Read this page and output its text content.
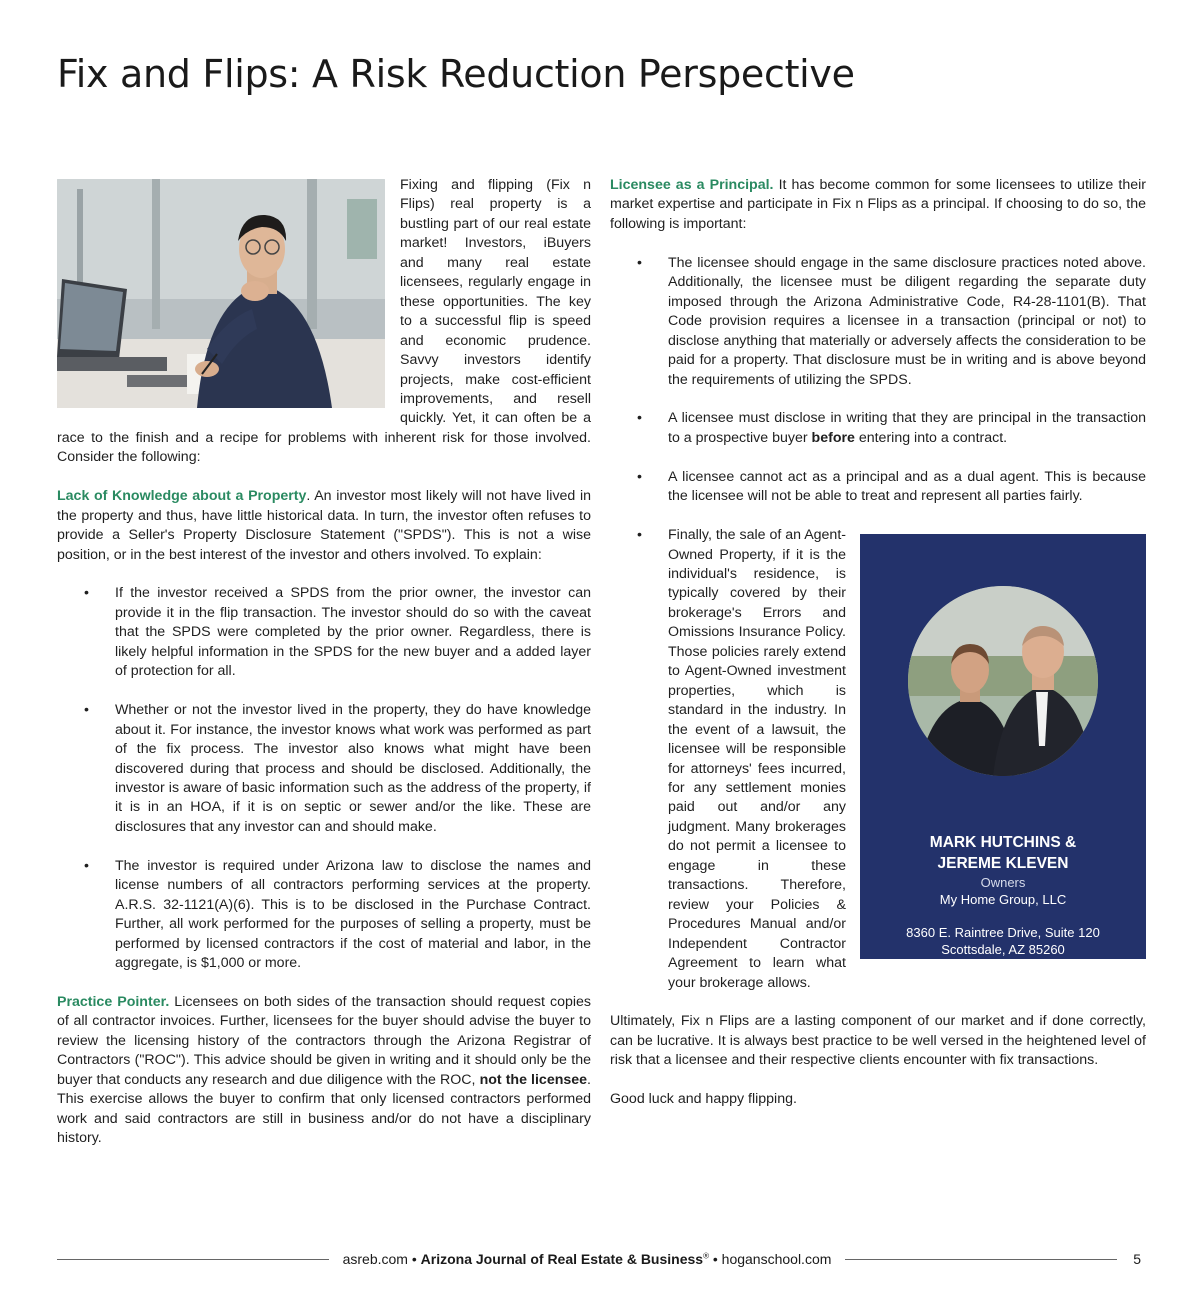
Fix and Flips: A Risk Reduction Perspective

Fixing and flipping (Fix n Flips) real property is a bustling part of our real estate market! Investors, iBuyers and many real estate licensees, regularly engage in these opportunities. The key to a successful flip is speed and economic prudence. Savvy investors identify projects, make cost-efficient improvements, and resell quickly. Yet, it can often be a race to the finish and a recipe for problems with inherent risk for those involved. Consider the following:

Lack of Knowledge about a Property. An investor most likely will not have lived in the property and thus, have little historical data. In turn, the investor often refuses to provide a Seller's Property Disclosure Statement ("SPDS"). This is not a wise position, or in the best interest of the investor and others involved. To explain:

• If the investor received a SPDS from the prior owner, the investor can provide it in the flip transaction. The investor should do so with the caveat that the SPDS were completed by the prior owner. Regardless, there is likely helpful information in the SPDS for the new buyer and a added layer of protection for all.
• Whether or not the investor lived in the property, they do have knowledge about it. For instance, the investor knows what work was performed as part of the fix process. The investor also knows what might have been discovered during that process and should be disclosed. Additionally, the investor is aware of basic information such as the address of the property, if it is in an HOA, if it is on septic or sewer and/or the like. These are disclosures that any investor can and should make.
• The investor is required under Arizona law to disclose the names and license numbers of all contractors performing services at the property. A.R.S. 32-1121(A)(6). This is to be disclosed in the Purchase Contract. Further, all work performed for the purposes of selling a property, must be performed by licensed contractors if the cost of material and labor, in the aggregate, is $1,000 or more.

Practice Pointer. Licensees on both sides of the transaction should request copies of all contractor invoices. Further, licensees for the buyer should advise the buyer to review the licensing history of the contractors through the Arizona Registrar of Contractors ("ROC"). This advice should be given in writing and it should only be the buyer that conducts any research and due diligence with the ROC, not the licensee. This exercise allows the buyer to confirm that only licensed contractors performed work and said contractors are still in business and/or do not have a disciplinary history.

Licensee as a Principal. It has become common for some licensees to utilize their market expertise and participate in Fix n Flips as a principal. If choosing to do so, the following is important:

• The licensee should engage in the same disclosure practices noted above. Additionally, the licensee must be diligent regarding the separate duty imposed through the Arizona Administrative Code, R4-28-1101(B). That Code provision requires a licensee in a transaction (principal or not) to disclose anything that materially or adversely affects the consideration to be paid for a property. That disclosure must be in writing and is above beyond the requirements of utilizing the SPDS.
• A licensee must disclose in writing that they are principal in the transaction to a prospective buyer before entering into a contract.
• A licensee cannot act as a principal and as a dual agent. This is because the licensee will not be able to treat and represent all parties fairly.
•
MARK HUTCHINS &
JEREME KLEVEN
Owners
My Home Group, LLC
8360 E. Raintree Drive, Suite 120
Scottsdale, AZ 85260
myhomegroup.com
Finally, the sale of an Agent-Owned Property, if it is the individual's residence, is typically covered by their brokerage's Errors and Omissions Insurance Policy. Those policies rarely extend to Agent-Owned investment properties, which is standard in the industry. In the event of a lawsuit, the licensee will be responsible for attorneys' fees incurred, for any settlement monies paid out and/or any judgment. Many brokerages do not permit a licensee to engage in these transactions. Therefore, review your Policies & Procedures Manual and/or Independent Contractor Agreement to learn what your brokerage allows.

Ultimately, Fix n Flips are a lasting component of our market and if done correctly, can be lucrative. It is always best practice to be well versed in the heightened level of risk that a licensee and their respective clients encounter with fix transactions.

Good luck and happy flipping.

asreb.com • Arizona Journal of Real Estate & Business® • hoganschool.com	5
